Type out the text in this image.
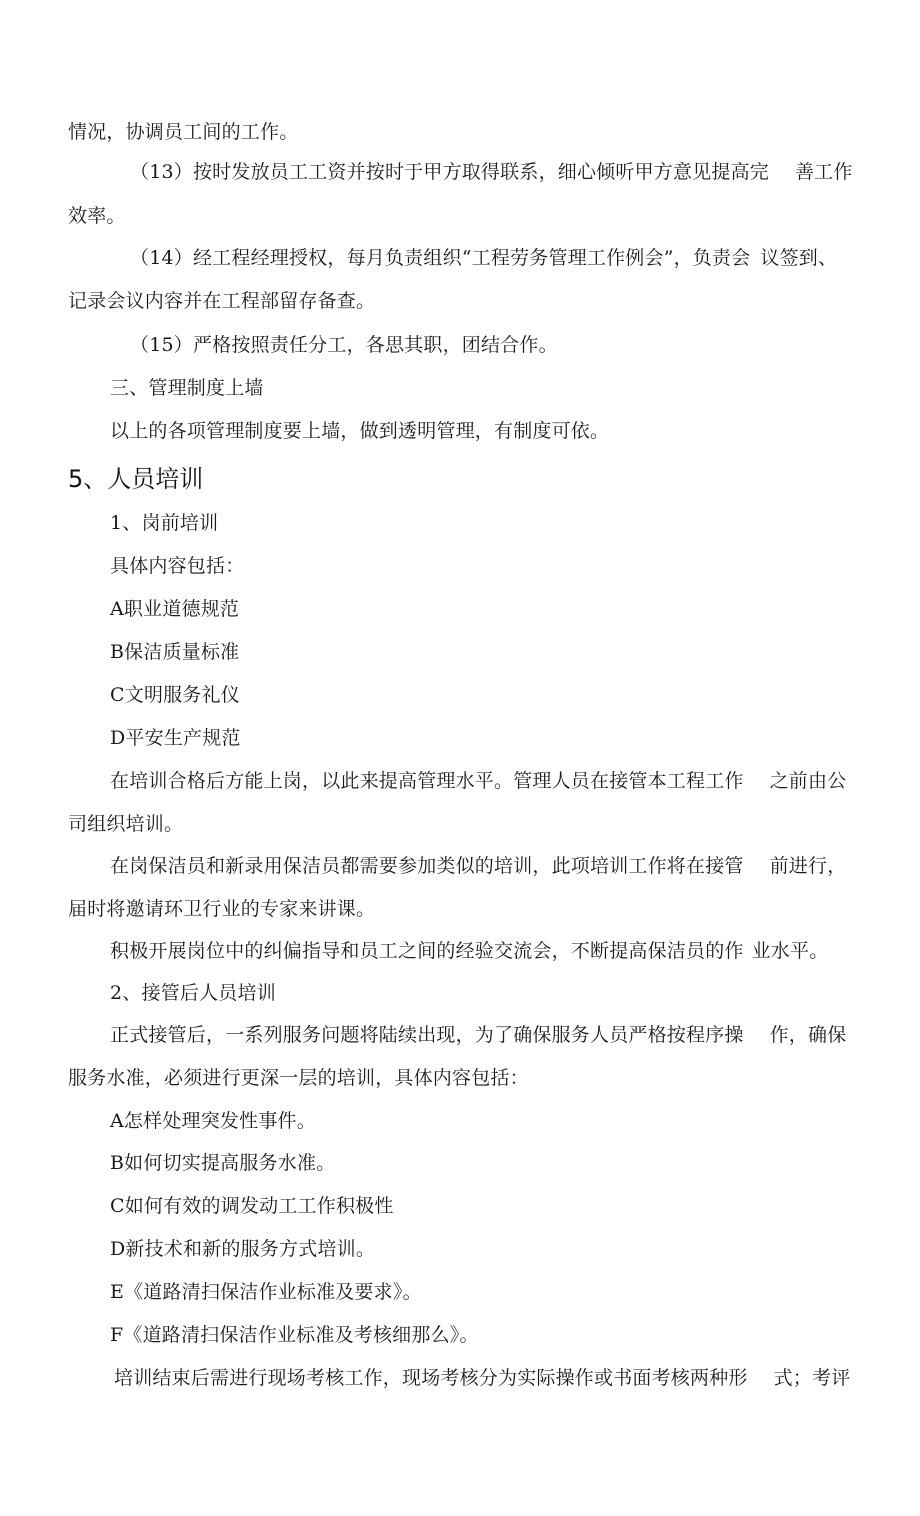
情况，协调员工间的工作。
（13）按时发放员工工资并按时于甲方取得联系，细心倾听甲方意见提高完 善工作
效率。
（14）经工程经理授权，每月负责组织“工程劳务管理工作例会”，负责会 议签到、
记录会议内容并在工程部留存备查。
（15）严格按照责任分工，各思其职，团结合作。
三、管理制度上墙
以上的各项管理制度要上墙，做到透明管理，有制度可依。
5、人员培训
1、岗前培训
具体内容包括：
A职业道德规范
B保洁质量标准
C文明服务礼仪
D平安生产规范
在培训合格后方能上岗，以此来提高管理水平。管理人员在接管本工程工作 之前由公
司组织培训。
在岗保洁员和新录用保洁员都需要参加类似的培训，此项培训工作将在接管 前进行，
届时将邀请环卫行业的专家来讲课。
积极开展岗位中的纠偏指导和员工之间的经验交流会，不断提高保洁员的作 业水平。
2、接管后人员培训
正式接管后，一系列服务问题将陆续出现，为了确保服务人员严格按程序操 作，确保
服务水准，必须进行更深一层的培训，具体内容包括：
A怎样处理突发性事件。
B如何切实提高服务水准。
C如何有效的调发动工工作积极性
D新技术和新的服务方式培训。
E《道路清扫保洁作业标准及要求》。
F《道路清扫保洁作业标准及考核细那么》。
培训结束后需进行现场考核工作，现场考核分为实际操作或书面考核两种形 式；考评
